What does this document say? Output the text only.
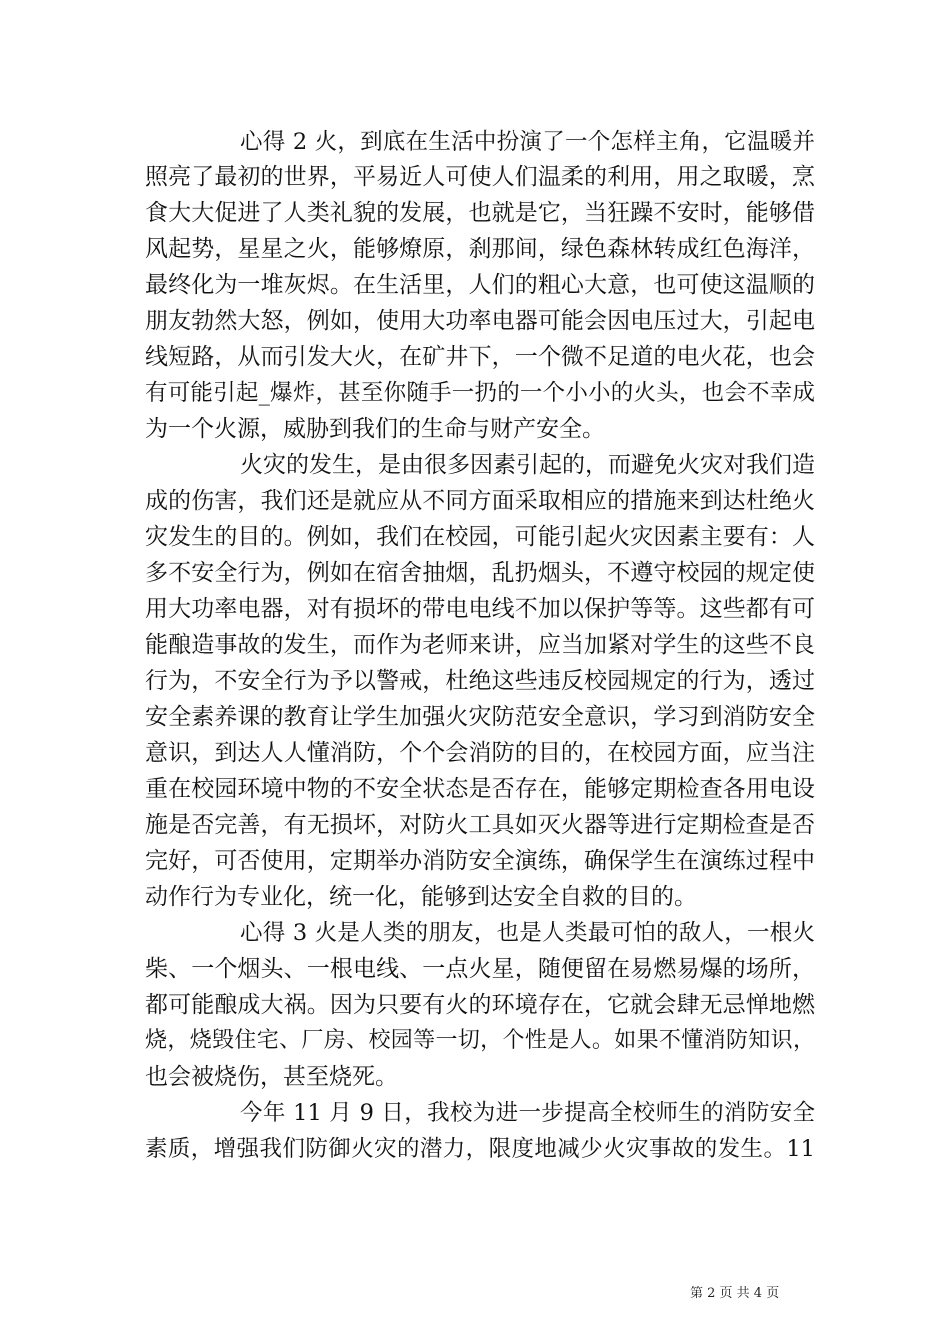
心得 2 火，到底在生活中扮演了一个怎样主角，它温暖并
照亮了最初的世界，平易近人可使人们温柔的利用，用之取暖，烹
食大大促进了人类礼貌的发展，也就是它，当狂躁不安时，能够借
风起势，星星之火，能够燎原，刹那间，绿色森林转成红色海洋，
最终化为一堆灰烬。在生活里，人们的粗心大意，也可使这温顺的
朋友勃然大怒，例如，使用大功率电器可能会因电压过大，引起电
线短路，从而引发大火，在矿井下，一个微不足道的电火花，也会
有可能引起_爆炸，甚至你随手一扔的一个小小的火头，也会不幸成
为一个火源，威胁到我们的生命与财产安全。
火灾的发生，是由很多因素引起的，而避免火灾对我们造
成的伤害，我们还是就应从不同方面采取相应的措施来到达杜绝火
灾发生的目的。例如，我们在校园，可能引起火灾因素主要有：人
多不安全行为，例如在宿舍抽烟，乱扔烟头，不遵守校园的规定使
用大功率电器，对有损坏的带电电线不加以保护等等。这些都有可
能酿造事故的发生，而作为老师来讲，应当加紧对学生的这些不良
行为，不安全行为予以警戒，杜绝这些违反校园规定的行为，透过
安全素养课的教育让学生加强火灾防范安全意识，学习到消防安全
意识，到达人人懂消防，个个会消防的目的，在校园方面，应当注
重在校园环境中物的不安全状态是否存在，能够定期检查各用电设
施是否完善，有无损坏，对防火工具如灭火器等进行定期检查是否
完好，可否使用，定期举办消防安全演练，确保学生在演练过程中
动作行为专业化，统一化，能够到达安全自救的目的。
心得 3 火是人类的朋友，也是人类最可怕的敌人，一根火
柴、一个烟头、一根电线、一点火星，随便留在易燃易爆的场所，
都可能酿成大祸。因为只要有火的环境存在，它就会肆无忌惮地燃
烧，烧毁住宅、厂房、校园等一切，个性是人。如果不懂消防知识，
也会被烧伤，甚至烧死。
今年 11 月 9 日，我校为进一步提高全校师生的消防安全
素质，增强我们防御火灾的潜力，限度地减少火灾事故的发生。11
第 2 页 共 4 页
